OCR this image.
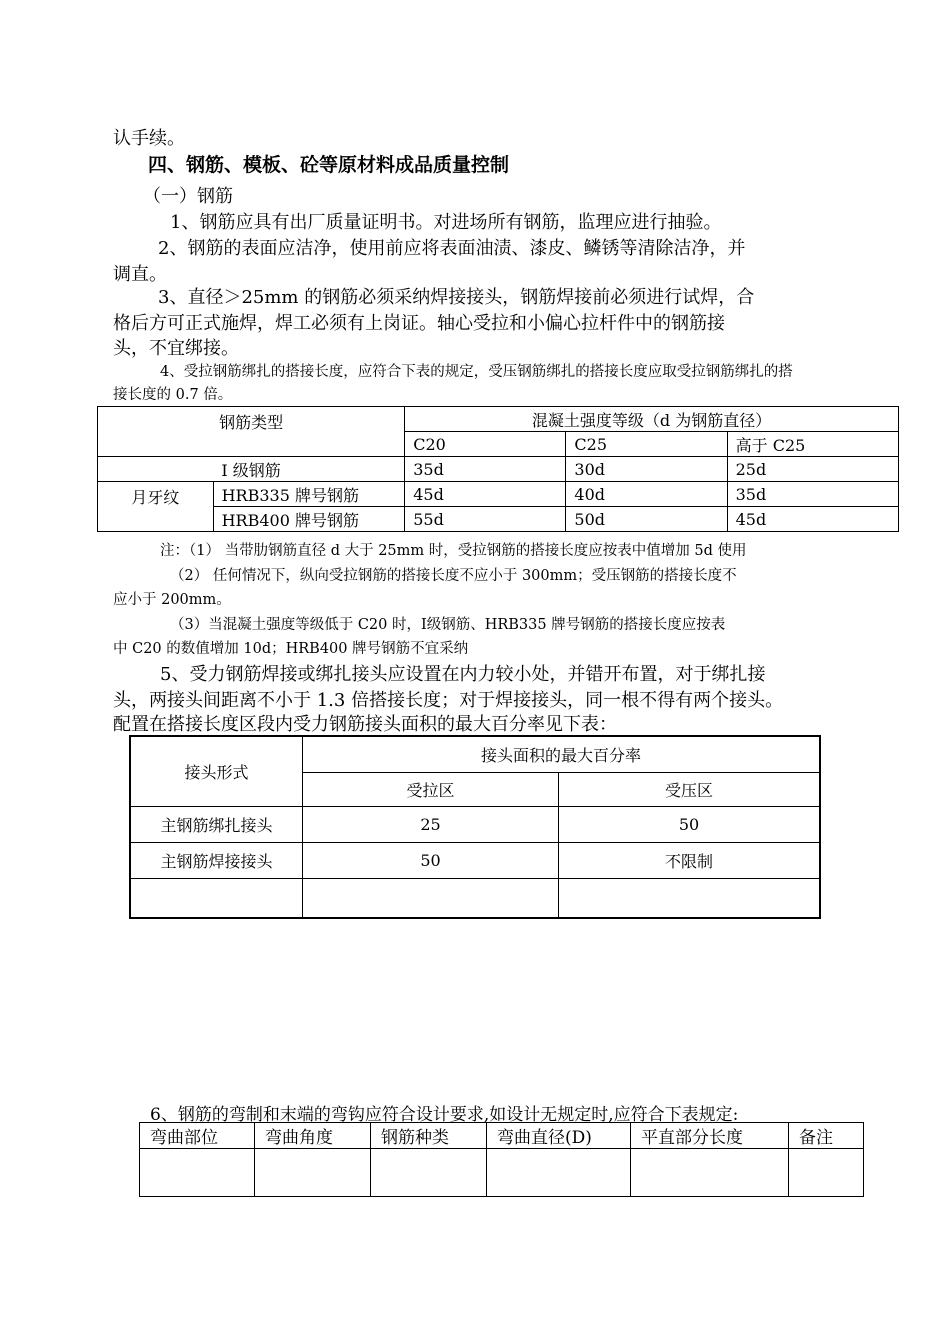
认手续。
四、钢筋、模板、砼等原材料成品质量控制
（一）钢筋
1、钢筋应具有出厂质量证明书。对进场所有钢筋，监理应进行抽验。
2、钢筋的表面应洁净，使用前应将表面油渍、漆皮、鳞锈等清除洁净，并
调直。
3、直径＞25mm 的钢筋必须采纳焊接接头，钢筋焊接前必须进行试焊，合
格后方可正式施焊，焊工必须有上岗证。轴心受拉和小偏心拉杆件中的钢筋接
头，不宜绑接。
4、受拉钢筋绑扎的搭接长度，应符合下表的规定，受压钢筋绑扎的搭接长度应取受拉钢筋绑扎的搭
接长度的 0.7 倍。
钢筋类型		混凝土强度等级（d 为钢筋直径）		
		C20	C25	高于 C25
Ⅰ 级钢筋		35d	30d	25d
月牙纹	HRB335 牌号钢筋	45d	40d	35d
	HRB400 牌号钢筋	55d	50d	45d
注：（1） 当带肋钢筋直径 d 大于 25mm 时，受拉钢筋的搭接长度应按表中值增加 5d 使用
（2） 任何情况下，纵向受拉钢筋的搭接长度不应小于 300mm；受压钢筋的搭接长度不
应小于 200mm。
（3）当混凝土强度等级低于 C20 时，Ⅰ级钢筋、HRB335 牌号钢筋的搭接长度应按表
中 C20 的数值增加 10d；HRB400 牌号钢筋不宜采纳
5、受力钢筋焊接或绑扎接头应设置在内力较小处，并错开布置，对于绑扎接
头，两接头间距离不小于 1.3 倍搭接长度；对于焊接接头，同一根不得有两个接头。
配置在搭接长度区段内受力钢筋接头面积的最大百分率见下表：
接头形式	接头面积的最大百分率	
	受拉区	受压区
主钢筋绑扎接头	25	50
主钢筋焊接接头	50	不限制

6、钢筋的弯制和末端的弯钩应符合设计要求,如设计无规定时,应符合下表规定:
弯曲部位	弯曲角度	钢筋种类	弯曲直径(D)	平直部分长度	备注
